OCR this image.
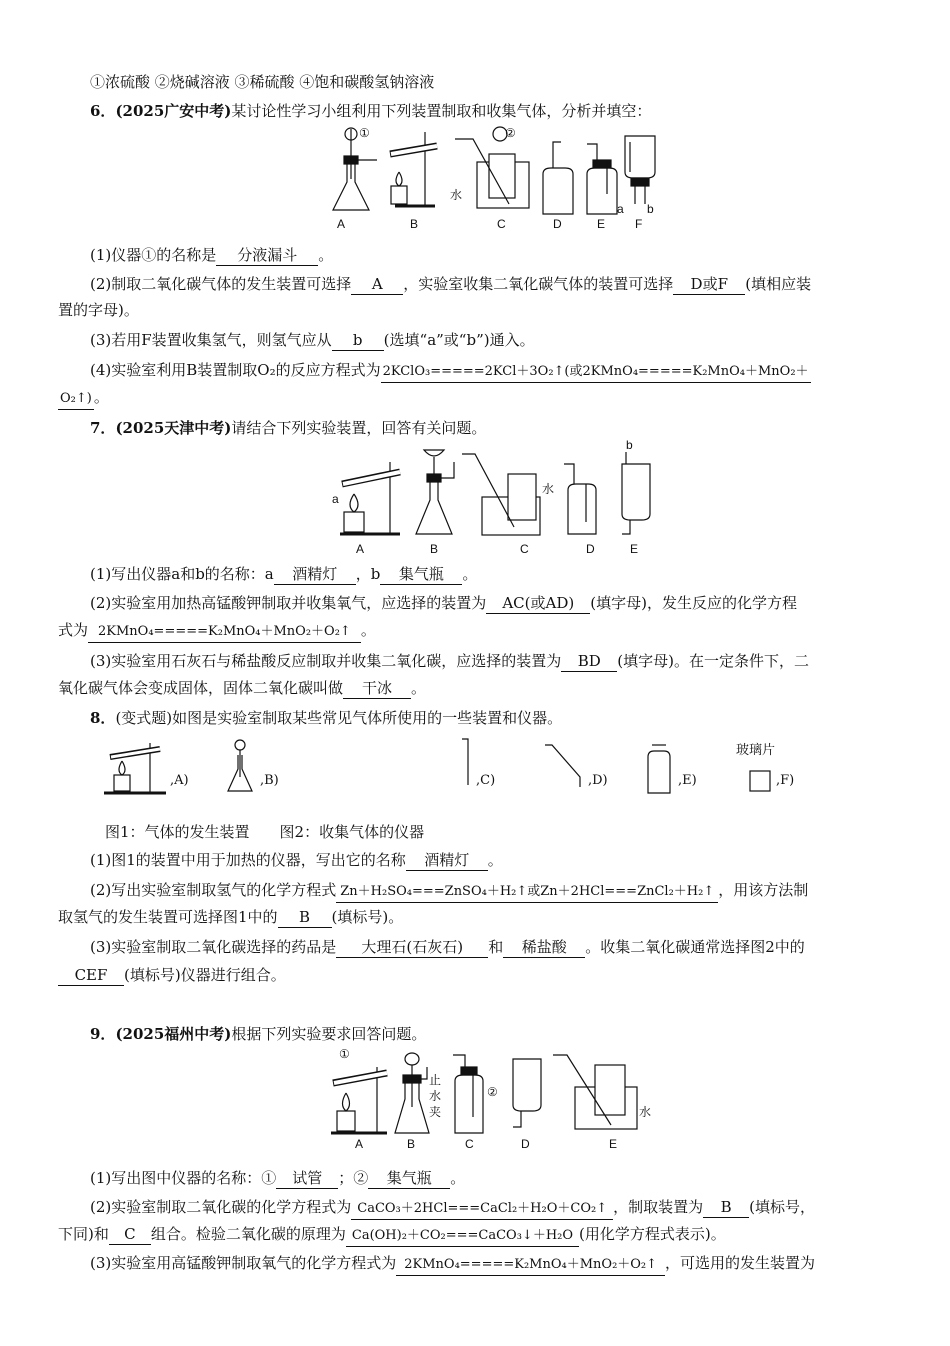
①浓硫酸 ②烧碱溶液 ③稀硫酸 ④饱和碳酸氢钠溶液
6．(2025广安中考)某讨论性学习小组利用下列装置制取和收集气体，分析并填空：
A	B	C	D	E F
①	②
水
a b
(1)仪器①的名称是 分液漏斗 。
(2)制取二氧化碳气体的发生装置可选择 A ，实验室收集二氧化碳气体的装置可选择 D或F (填相应装
置的字母)。
(3)若用F装置收集氢气，则氢气应从 b (选填“a”或“b”)通入。
(4)实验室利用B装置制取O₂的反应方程式为 2KClO₃=====2KCl＋3O₂↑(或2KMnO₄=====K₂MnO₄＋MnO₂＋
O₂↑) 。
7．(2025天津中考)请结合下列实验装置，回答有关问题。
A	B	C	D	E
a
b
水
(1)写出仪器a和b的名称：a 酒精灯 ，b 集气瓶 。
(2)实验室用加热高锰酸钾制取并收集氧气，应选择的装置为 AC(或AD) (填字母)，发生反应的化学方程
式为 2KMnO₄=====K₂MnO₄＋MnO₂＋O₂↑ 。
(3)实验室用石灰石与稀盐酸反应制取并收集二氧化碳，应选择的装置为 BD (填字母)。在一定条件下，二
氧化碳气体会变成固体，固体二氧化碳叫做 干冰 。
8．(变式题)如图是实验室制取某些常见气体所使用的一些装置和仪器。
,A)	,B)	,C)	,D)	,E)	,F)
玻璃片
图1：气体的发生装置　　图2：收集气体的仪器
(1)图1的装置中用于加热的仪器，写出它的名称 酒精灯 。
(2)写出实验室制取氢气的化学方程式 Zn＋H₂SO₄===ZnSO₄＋H₂↑或Zn＋2HCl===ZnCl₂＋H₂↑ ，用该方法制
取氢气的发生装置可选择图1中的 B (填标号)。
(3)实验室制取二氧化碳选择的药品是 大理石(石灰石) 和 稀盐酸 。收集二氧化碳通常选择图2中的
CEF (填标号)仪器进行组合。
9．(2025福州中考)根据下列实验要求回答问题。
A	B	C	D	E
①
②
止
水
夹	水
(1)写出图中仪器的名称：① 试管 ；② 集气瓶 。
(2)实验室制取二氧化碳的化学方程式为 CaCO₃＋2HCl===CaCl₂＋H₂O＋CO₂↑ ，制取装置为 B (填标号，
下同)和 C 组合。检验二氧化碳的原理为 Ca(OH)₂＋CO₂===CaCO₃↓＋H₂O (用化学方程式表示)。
(3)实验室用高锰酸钾制取氧气的化学方程式为 2KMnO₄=====K₂MnO₄＋MnO₂＋O₂↑ ，可选用的发生装置为
